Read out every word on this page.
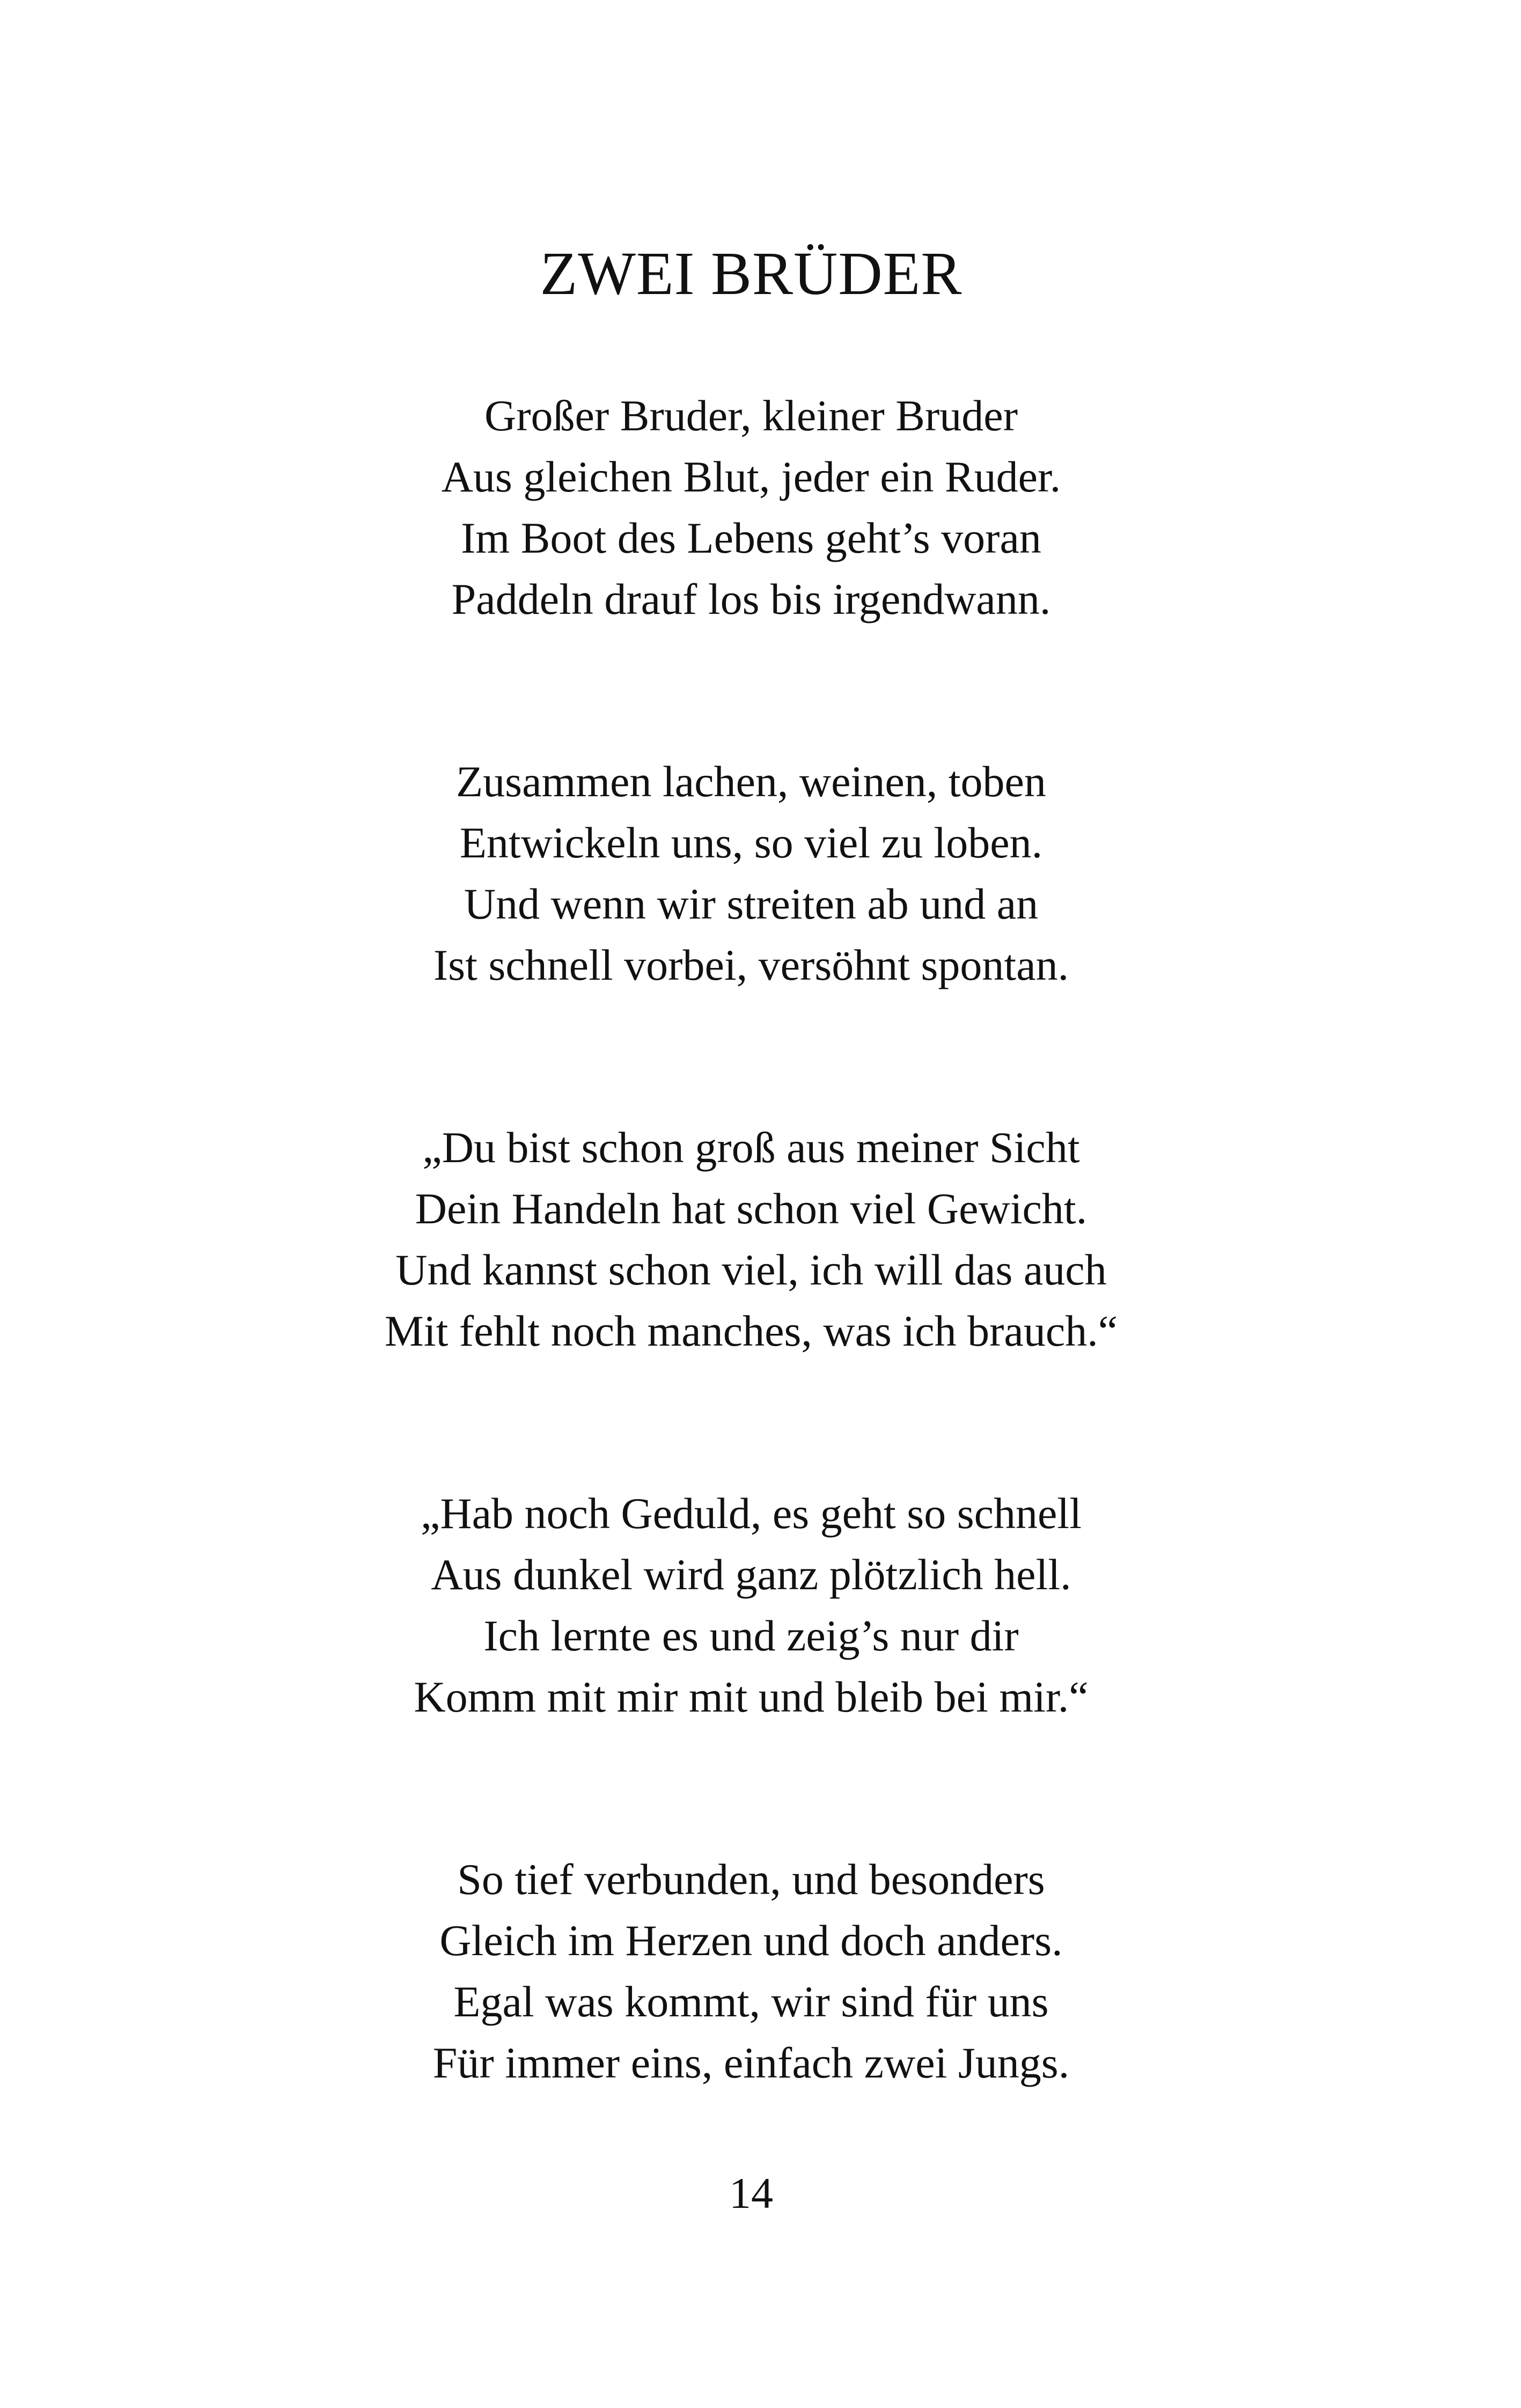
ZWEI BRÜDER
Großer Bruder, kleiner Bruder
Aus gleichen Blut, jeder ein Ruder.
Im Boot des Lebens geht’s voran
Paddeln drauf los bis irgendwann.
Zusammen lachen, weinen, toben
Entwickeln uns, so viel zu loben.
Und wenn wir streiten ab und an
Ist schnell vorbei, versöhnt spontan.
„Du bist schon groß aus meiner Sicht
Dein Handeln hat schon viel Gewicht.
Und kannst schon viel, ich will das auch
Mit fehlt noch manches, was ich brauch.“
„Hab noch Geduld, es geht so schnell
Aus dunkel wird ganz plötzlich hell.
Ich lernte es und zeig’s nur dir
Komm mit mir mit und bleib bei mir.“
So tief verbunden, und besonders
Gleich im Herzen und doch anders.
Egal was kommt, wir sind für uns
Für immer eins, einfach zwei Jungs.
14
